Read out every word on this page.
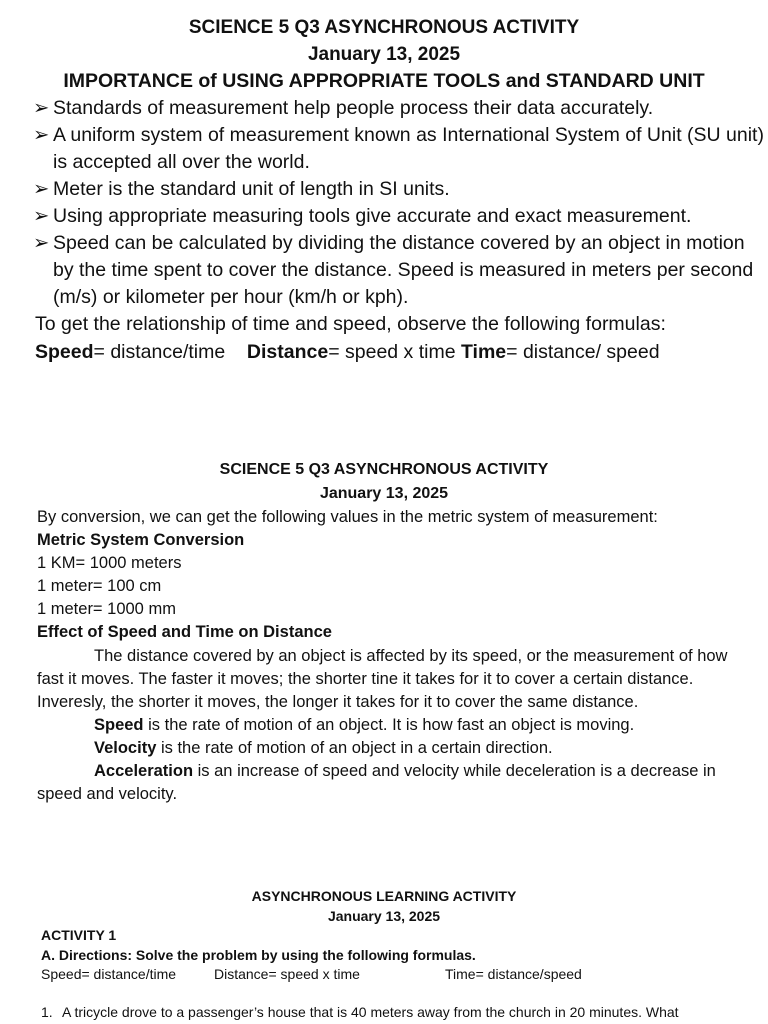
SCIENCE 5 Q3 ASYNCHRONOUS ACTIVITY

January 13, 2025

IMPORTANCE of USING APPROPRIATE TOOLS and STANDARD UNIT

➢ Standards of measurement help people process their data accurately.
➢ A uniform system of measurement known as International System of Unit (SU unit) is accepted all over the world.
➢ Meter is the standard unit of length in SI units.
➢ Using appropriate measuring tools give accurate and exact measurement.
➢ Speed can be calculated by dividing the distance covered by an object in motion by the time spent to cover the distance. Speed is measured in meters per second (m/s) or kilometer per hour (km/h or kph).

To get the relationship of time and speed, observe the following formulas:

Speed= distance/time Distance= speed x time Time= distance/ speed

SCIENCE 5 Q3 ASYNCHRONOUS ACTIVITY

January 13, 2025

By conversion, we can get the following values in the metric system of measurement:

Metric System Conversion

1 KM= 1000 meters

1 meter= 100 cm

1 meter= 1000 mm

Effect of Speed and Time on Distance

The distance covered by an object is affected by its speed, or the measurement of how fast it moves. The faster it moves; the shorter tine it takes for it to cover a certain distance. Inveresly, the shorter it moves, the longer it takes for it to cover the same distance.

Speed is the rate of motion of an object. It is how fast an object is moving.

Velocity is the rate of motion of an object in a certain direction.

Acceleration is an increase of speed and velocity while deceleration is a decrease in speed and velocity.

ASYNCHRONOUS LEARNING ACTIVITY

January 13, 2025

ACTIVITY 1

A. Directions: Solve the problem by using the following formulas.

Speed= distance/time	Distance= speed x time	Time= distance/speed

1. A tricycle drove to a passenger’s house that is 40 meters away from the church in 20 minutes. What
